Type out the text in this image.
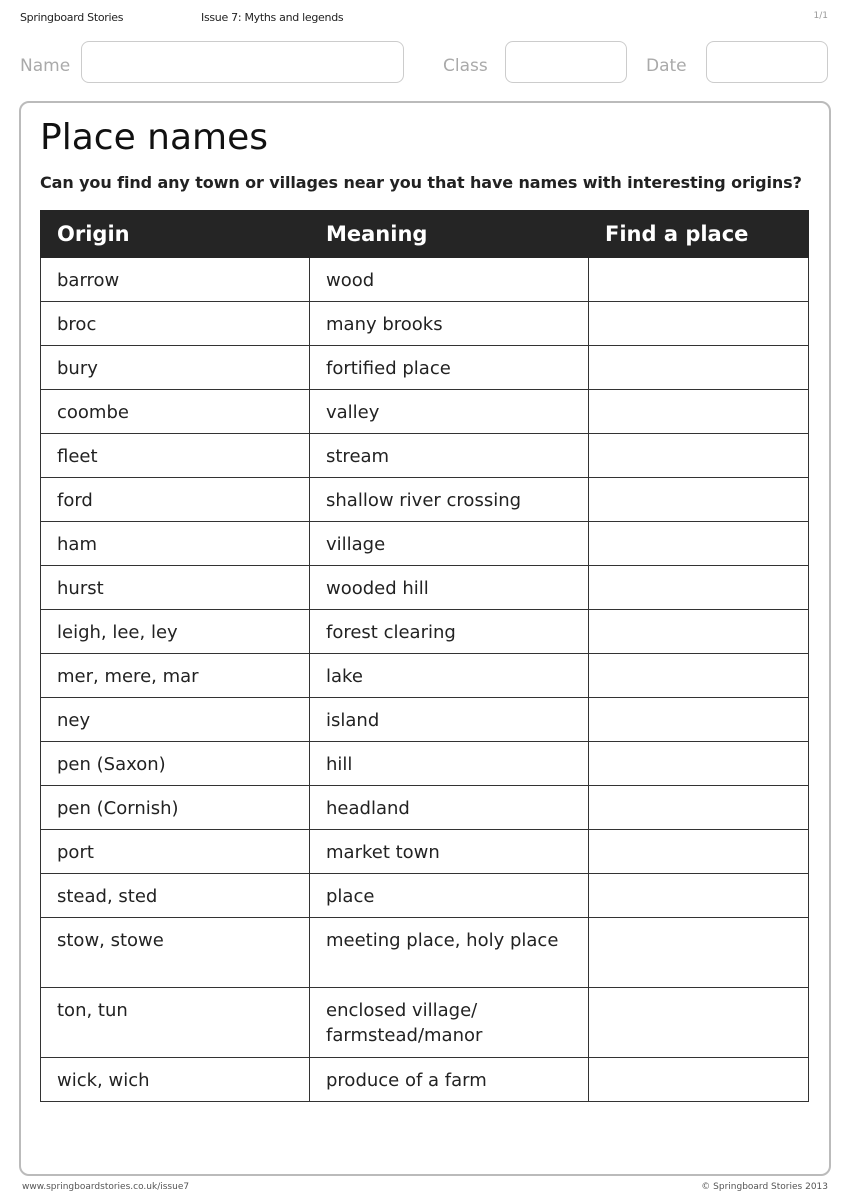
Springboard Stories	Issue 7: Myths and legends	1/1
Name	Class	Date
Place names
Can you find any town or villages near you that have names with interesting origins?
Origin	Meaning	Find a place
barrow	wood	
broc	many brooks	
bury	fortified place	
coombe	valley	
fleet	stream	
ford	shallow river crossing	
ham	village	
hurst	wooded hill	
leigh, lee, ley	forest clearing	
mer, mere, mar	lake	
ney	island	
pen (Saxon)	hill	
pen (Cornish)	headland	
port	market town	
stead, sted	place	
stow, stowe	meeting place, holy place	
ton, tun	enclosed village/ farmstead/manor	
wick, wich	produce of a farm	
www.springboardstories.co.uk/issue7	© Springboard Stories 2013
